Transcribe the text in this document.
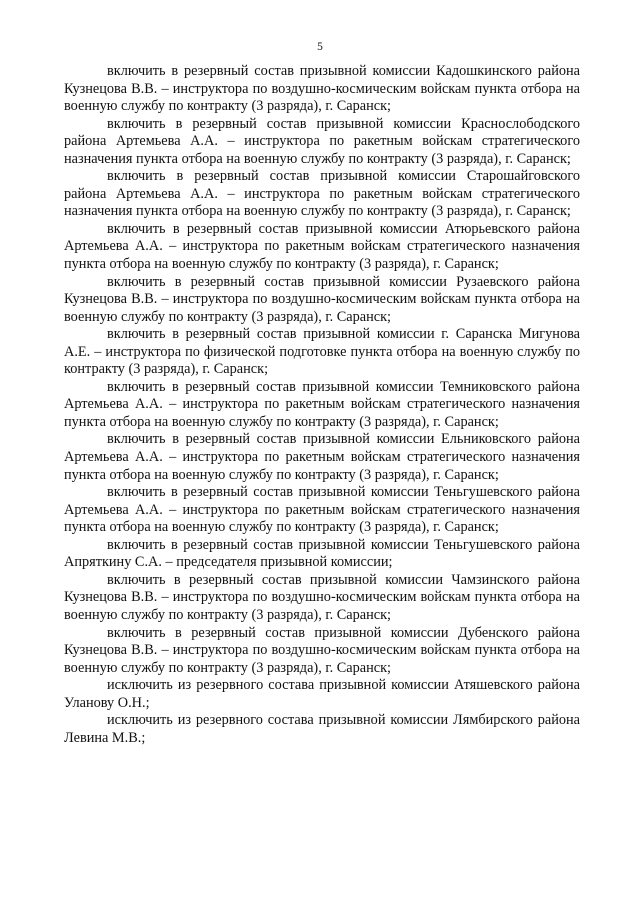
5

включить в резервный состав призывной комиссии Кадошкинского района Кузнецова В.В. – инструктора по воздушно-космическим войскам пункта отбора на военную службу по контракту (3 разряда), г. Саранск;

включить в резервный состав призывной комиссии Краснослободского района Артемьева А.А. – инструктора по ракетным войскам стратегического назначения пункта отбора на военную службу по контракту (3 разряда), г. Саранск;

включить в резервный состав призывной комиссии Старошайговского района Артемьева А.А. – инструктора по ракетным войскам стратегического назначения пункта отбора на военную службу по контракту (3 разряда), г. Саранск;

включить в резервный состав призывной комиссии Атюрьевского района Артемьева А.А. – инструктора по ракетным войскам стратегического назначения пункта отбора на военную службу по контракту (3 разряда), г. Саранск;

включить в резервный состав призывной комиссии Рузаевского района Кузнецова В.В. – инструктора по воздушно-космическим войскам пункта отбора на военную службу по контракту (3 разряда), г. Саранск;

включить в резервный состав призывной комиссии г. Саранска Мигунова А.Е. – инструктора по физической подготовке пункта отбора на военную службу по контракту (3 разряда), г. Саранск;

включить в резервный состав призывной комиссии Темниковского района Артемьева А.А. – инструктора по ракетным войскам стратегического назначения пункта отбора на военную службу по контракту (3 разряда), г. Саранск;

включить в резервный состав призывной комиссии Ельниковского района Артемьева А.А. – инструктора по ракетным войскам стратегического назначения пункта отбора на военную службу по контракту (3 разряда), г. Саранск;

включить в резервный состав призывной комиссии Теньгушевского района Артемьева А.А. – инструктора по ракетным войскам стратегического назначения пункта отбора на военную службу по контракту (3 разряда), г. Саранск;

включить в резервный состав призывной комиссии Теньгушевского района Апряткину С.А. – председателя призывной комиссии;

включить в резервный состав призывной комиссии Чамзинского района Кузнецова В.В. – инструктора по воздушно-космическим войскам пункта отбора на военную службу по контракту (3 разряда), г. Саранск;

включить в резервный состав призывной комиссии Дубенского района Кузнецова В.В. – инструктора по воздушно-космическим войскам пункта отбора на военную службу по контракту (3 разряда), г. Саранск;

исключить из резервного состава призывной комиссии Атяшевского района Уланову О.Н.;

исключить из резервного состава призывной комиссии Лямбирского района Левина М.В.;
